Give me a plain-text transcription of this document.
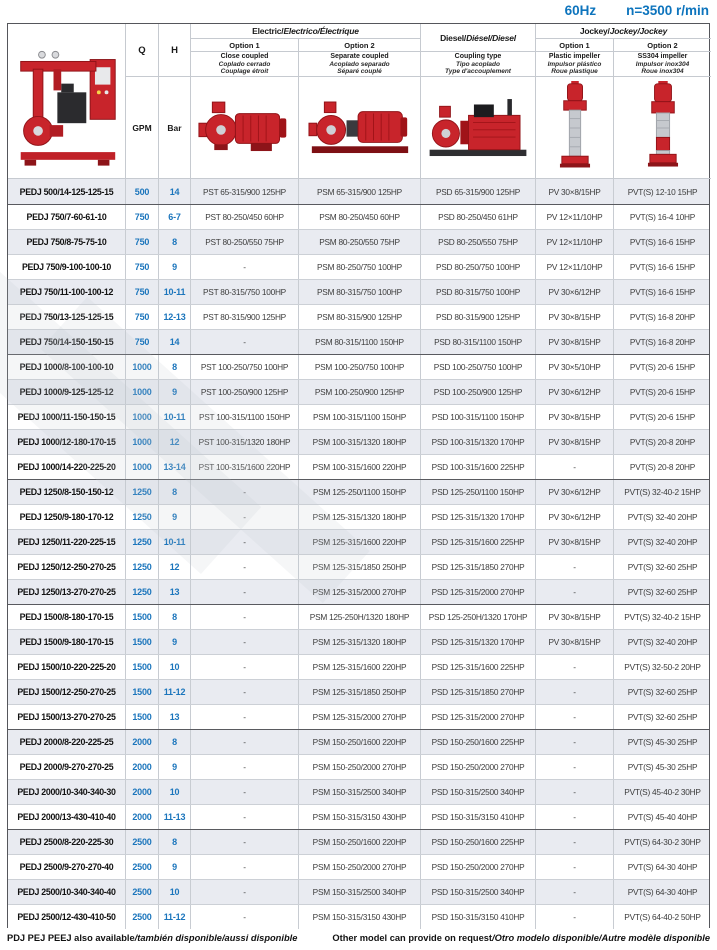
60Hz n=3500 r/min
Q	H
Electric/ Electrico/Électrique
Diesel/ Diésel/Diesel
Jockey/ Jockey/Jockey
Option 1	Option 2	Option 1	Option 2
Close coupled
Coplado cerrado
Couplage étroit
Separate coupled
Acoplado separado
Séparé couplé
Coupling type
Tipo acoplado
Type d'accouplement
Plastic impeller
Impulsor plástico
Roue plastique
SS304 impeller
Impulsor inox304
Roue inox304
GPM Bar
PEDJ 500/14-125-125-15	500	14	PST 65-315/900 125HP	PSM 65-315/900 125HP	PSD 65-315/900 125HP	PV 30×8/15HP	PVT(S) 12-10 15HP
PEDJ 750/7-60-61-10	750	6-7	PST 80-250/450 60HP	PSM 80-250/450 60HP	PSD 80-250/450 61HP	PV 12×11/10HP	PVT(S) 16-4 10HP
PEDJ 750/8-75-75-10	750	8	PST 80-250/550 75HP	PSM 80-250/550 75HP	PSD 80-250/550 75HP	PV 12×11/10HP	PVT(S) 16-6 15HP
PEDJ 750/9-100-100-10	750	9	-	PSM 80-250/750 100HP	PSD 80-250/750 100HP	PV 12×11/10HP	PVT(S) 16-6 15HP
PEDJ 750/11-100-100-12	750	10-11	PST 80-315/750 100HP	PSM 80-315/750 100HP	PSD 80-315/750 100HP	PV 30×6/12HP	PVT(S) 16-6 15HP
PEDJ 750/13-125-125-15	750	12-13	PST 80-315/900 125HP	PSM 80-315/900 125HP	PSD 80-315/900 125HP	PV 30×8/15HP	PVT(S) 16-8 20HP
PEDJ 750/14-150-150-15	750	14	-	PSM 80-315/1100 150HP	PSD 80-315/1100 150HP	PV 30×8/15HP	PVT(S) 16-8 20HP
PEDJ 1000/8-100-100-10	1000	8	PST 100-250/750 100HP	PSM 100-250/750 100HP	PSD 100-250/750 100HP	PV 30×5/10HP	PVT(S) 20-6 15HP
PEDJ 1000/9-125-125-12	1000	9	PST 100-250/900 125HP	PSM 100-250/900 125HP	PSD 100-250/900 125HP	PV 30×6/12HP	PVT(S) 20-6 15HP
PEDJ 1000/11-150-150-15	1000	10-11	PST 100-315/1100 150HP	PSM 100-315/1100 150HP	PSD 100-315/1100 150HP	PV 30×8/15HP	PVT(S) 20-6 15HP
PEDJ 1000/12-180-170-15	1000	12	PST 100-315/1320 180HP	PSM 100-315/1320 180HP	PSD 100-315/1320 170HP	PV 30×8/15HP	PVT(S) 20-8 20HP
PEDJ 1000/14-220-225-20	1000	13-14	PST 100-315/1600 220HP	PSM 100-315/1600 220HP	PSD 100-315/1600 225HP	-	PVT(S) 20-8 20HP
PEDJ 1250/8-150-150-12	1250	8	-	PSM 125-250/1100 150HP	PSD 125-250/1100 150HP	PV 30×6/12HP	PVT(S) 32-40-2 15HP
PEDJ 1250/9-180-170-12	1250	9	-	PSM 125-315/1320 180HP	PSD 125-315/1320 170HP	PV 30×6/12HP	PVT(S) 32-40 20HP
PEDJ 1250/11-220-225-15	1250	10-11	-	PSM 125-315/1600 220HP	PSD 125-315/1600 225HP	PV 30×8/15HP	PVT(S) 32-40 20HP
PEDJ 1250/12-250-270-25	1250	12	-	PSM 125-315/1850 250HP	PSD 125-315/1850 270HP	-	PVT(S) 32-60 25HP
PEDJ 1250/13-270-270-25	1250	13	-	PSM 125-315/2000 270HP	PSD 125-315/2000 270HP	-	PVT(S) 32-60 25HP
PEDJ 1500/8-180-170-15	1500	8	-	PSM 125-250H/1320 180HP	PSD 125-250H/1320 170HP	PV 30×8/15HP	PVT(S) 32-40-2 15HP
PEDJ 1500/9-180-170-15	1500	9	-	PSM 125-315/1320 180HP	PSD 125-315/1320 170HP	PV 30×8/15HP	PVT(S) 32-40 20HP
PEDJ 1500/10-220-225-20	1500	10	-	PSM 125-315/1600 220HP	PSD 125-315/1600 225HP	-	PVT(S) 32-50-2 20HP
PEDJ 1500/12-250-270-25	1500	11-12	-	PSM 125-315/1850 250HP	PSD 125-315/1850 270HP	-	PVT(S) 32-60 25HP
PEDJ 1500/13-270-270-25	1500	13	-	PSM 125-315/2000 270HP	PSD 125-315/2000 270HP	-	PVT(S) 32-60 25HP
PEDJ 2000/8-220-225-25	2000	8	-	PSM 150-250/1600 220HP	PSD 150-250/1600 225HP	-	PVT(S) 45-30 25HP
PEDJ 2000/9-270-270-25	2000	9	-	PSM 150-250/2000 270HP	PSD 150-250/2000 270HP	-	PVT(S) 45-30 25HP
PEDJ 2000/10-340-340-30	2000	10	-	PSM 150-315/2500 340HP	PSD 150-315/2500 340HP	-	PVT(S) 45-40-2 30HP
PEDJ 2000/13-430-410-40	2000	11-13	-	PSM 150-315/3150 430HP	PSD 150-315/3150 410HP	-	PVT(S) 45-40 40HP
PEDJ 2500/8-220-225-30	2500	8	-	PSM 150-250/1600 220HP	PSD 150-250/1600 225HP	-	PVT(S) 64-30-2 30HP
PEDJ 2500/9-270-270-40	2500	9	-	PSM 150-250/2000 270HP	PSD 150-250/2000 270HP	-	PVT(S) 64-30 40HP
PEDJ 2500/10-340-340-40	2500	10	-	PSM 150-315/2500 340HP	PSD 150-315/2500 340HP	-	PVT(S) 64-30 40HP
PEDJ 2500/12-430-410-50	2500	11-12	-	PSM 150-315/3150 430HP	PSD 150-315/3150 410HP	-	PVT(S) 64-40-2 50HP
PDJ PEJ PEEJ also available/también disponible/aussi disponible	Other model can provide on request/Otro modelo disponible/Autre modèle disponible
